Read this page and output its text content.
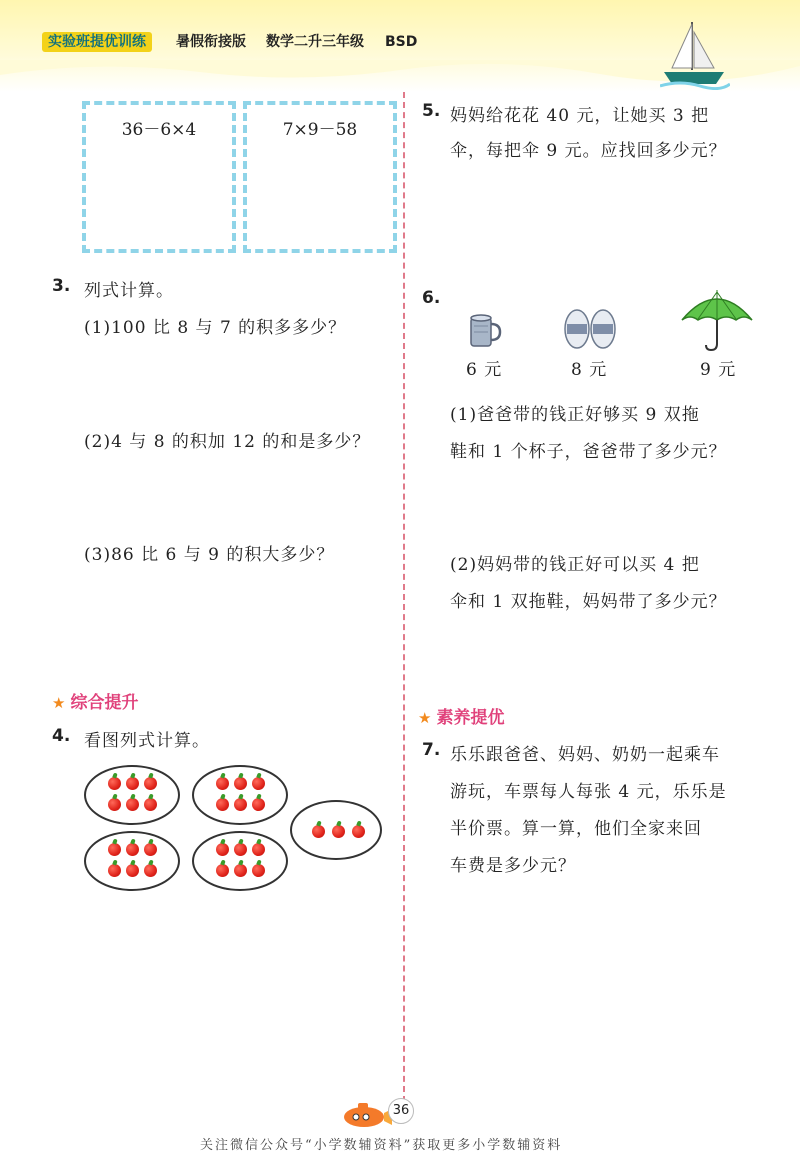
实验班提优训练	暑假衔接版 数学二升三年级 BSD
36－6×4	7×9－58
3. 列式计算。
(1)100 比 8 与 7 的积多多少？
(2)4 与 8 的积加 12 的和是多少？
(3)86 比 6 与 9 的积大多少？
★ 综合提升
4. 看图列式计算。
5. 妈妈给花花 40 元，让她买 3 把
伞，每把伞 9 元。应找回多少元？
6.
6 元	8 元	9 元
(1)爸爸带的钱正好够买 9 双拖
鞋和 1 个杯子，爸爸带了多少元？
(2)妈妈带的钱正好可以买 4 把
伞和 1 双拖鞋，妈妈带了多少元？
★ 素养提优
7. 乐乐跟爸爸、妈妈、奶奶一起乘车
游玩，车票每人每张 4 元，乐乐是
半价票。算一算，他们全家来回
车费是多少元？
36
关注微信公众号“小学数辅资料”获取更多小学数辅资料
